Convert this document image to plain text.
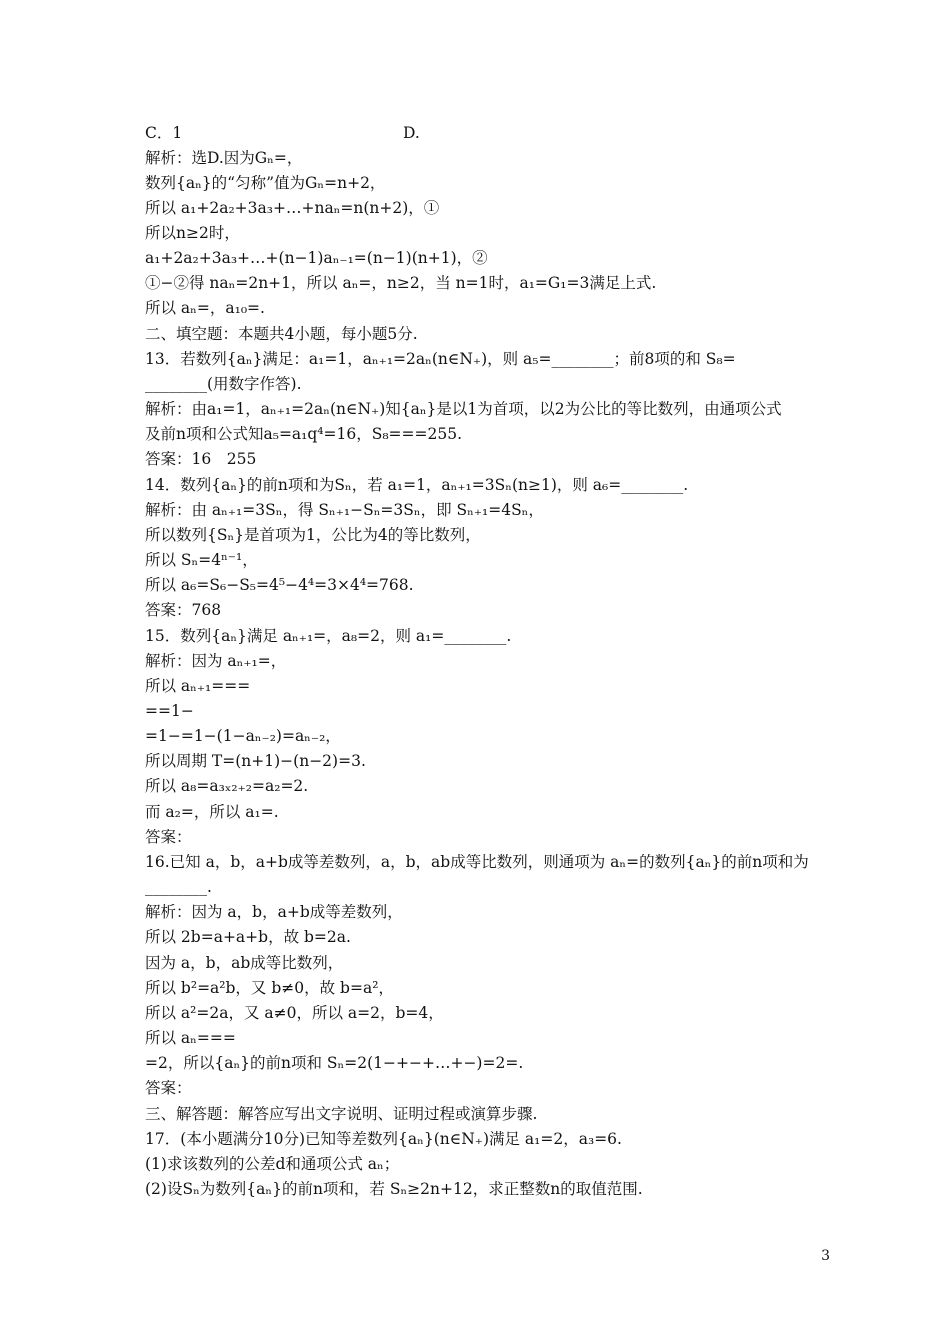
C．1	D.
解析：选D.因为Gₙ=，
数列{aₙ}的“匀称”值为Gₙ=n+2，
所以 a₁+2a₂+3a₃+…+naₙ=n(n+2)，①
所以n≥2时，
a₁+2a₂+3a₃+…+(n−1)aₙ₋₁=(n−1)(n+1)，②
①−②得 naₙ=2n+1，所以 aₙ=，n≥2，当 n=1时，a₁=G₁=3满足上式.
所以 aₙ=，a₁₀=.
二、填空题：本题共4小题，每小题5分.
13．若数列{aₙ}满足：a₁=1，aₙ₊₁=2aₙ(n∈N₊)，则 a₅=________；前8项的和 S₈=
________(用数字作答).
解析：由a₁=1，aₙ₊₁=2aₙ(n∈N₊)知{aₙ}是以1为首项，以2为公比的等比数列，由通项公式
及前n项和公式知a₅=a₁q⁴=16，S₈===255.
答案：16　255
14．数列{aₙ}的前n项和为Sₙ，若 a₁=1，aₙ₊₁=3Sₙ(n≥1)，则 a₆=________.
解析：由 aₙ₊₁=3Sₙ，得 Sₙ₊₁−Sₙ=3Sₙ，即 Sₙ₊₁=4Sₙ，
所以数列{Sₙ}是首项为1，公比为4的等比数列，
所以 Sₙ=4ⁿ⁻¹，
所以 a₆=S₆−S₅=4⁵−4⁴=3×4⁴=768.
答案：768
15．数列{aₙ}满足 aₙ₊₁=，a₈=2，则 a₁=________.
解析：因为 aₙ₊₁=，
所以 aₙ₊₁===
==1−
=1−=1−(1−aₙ₋₂)=aₙ₋₂，
所以周期 T=(n+1)−(n−2)=3.
所以 a₈=a₃ₓ₂₊₂=a₂=2.
而 a₂=，所以 a₁=.
答案：
16.已知 a，b，a+b成等差数列，a，b，ab成等比数列，则通项为 aₙ=的数列{aₙ}的前n项和为
________.
解析：因为 a，b，a+b成等差数列，
所以 2b=a+a+b，故 b=2a.
因为 a，b，ab成等比数列，
所以 b²=a²b，又 b≠0，故 b=a²，
所以 a²=2a，又 a≠0，所以 a=2，b=4，
所以 aₙ===
=2，所以{aₙ}的前n项和 Sₙ=2(1−+−+…+−)=2=.
答案：
三、解答题：解答应写出文字说明、证明过程或演算步骤.
17．(本小题满分10分)已知等差数列{aₙ}(n∈N₊)满足 a₁=2，a₃=6.
(1)求该数列的公差d和通项公式 aₙ；
(2)设Sₙ为数列{aₙ}的前n项和，若 Sₙ≥2n+12，求正整数n的取值范围.
3
